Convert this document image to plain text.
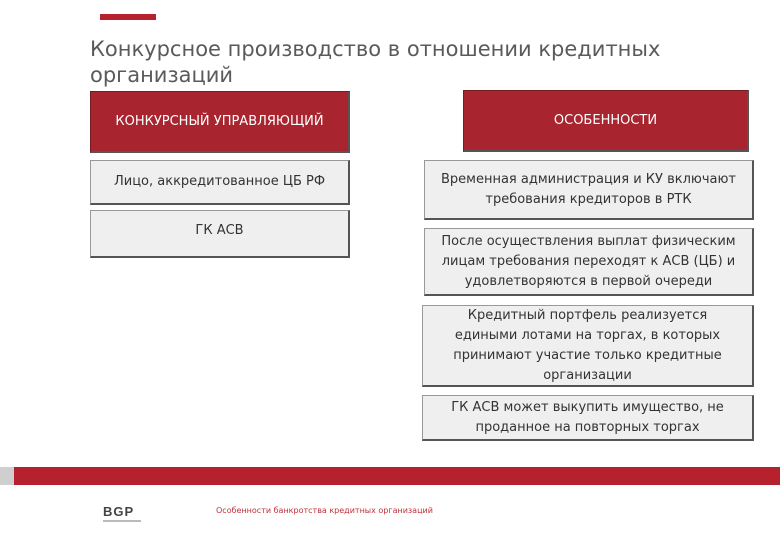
Конкурсное производство в отношении кредитных организаций
КОНКУРСНЫЙ УПРАВЛЯЮЩИЙ
Лицо, аккредитованное ЦБ РФ
ГК АСВ
ОСОБЕННОСТИ
Временная администрация и КУ включают требования кредиторов в РТК
После осуществления выплат физическим лицам требования переходят к АСВ (ЦБ) и удовлетворяются в первой очереди
Кредитный портфель реализуется едиными лотами на торгах, в которых принимают участие только кредитные организации
ГК АСВ может выкупить имущество, не проданное на повторных торгах
BGP	Особенности банкротства кредитных организаций
